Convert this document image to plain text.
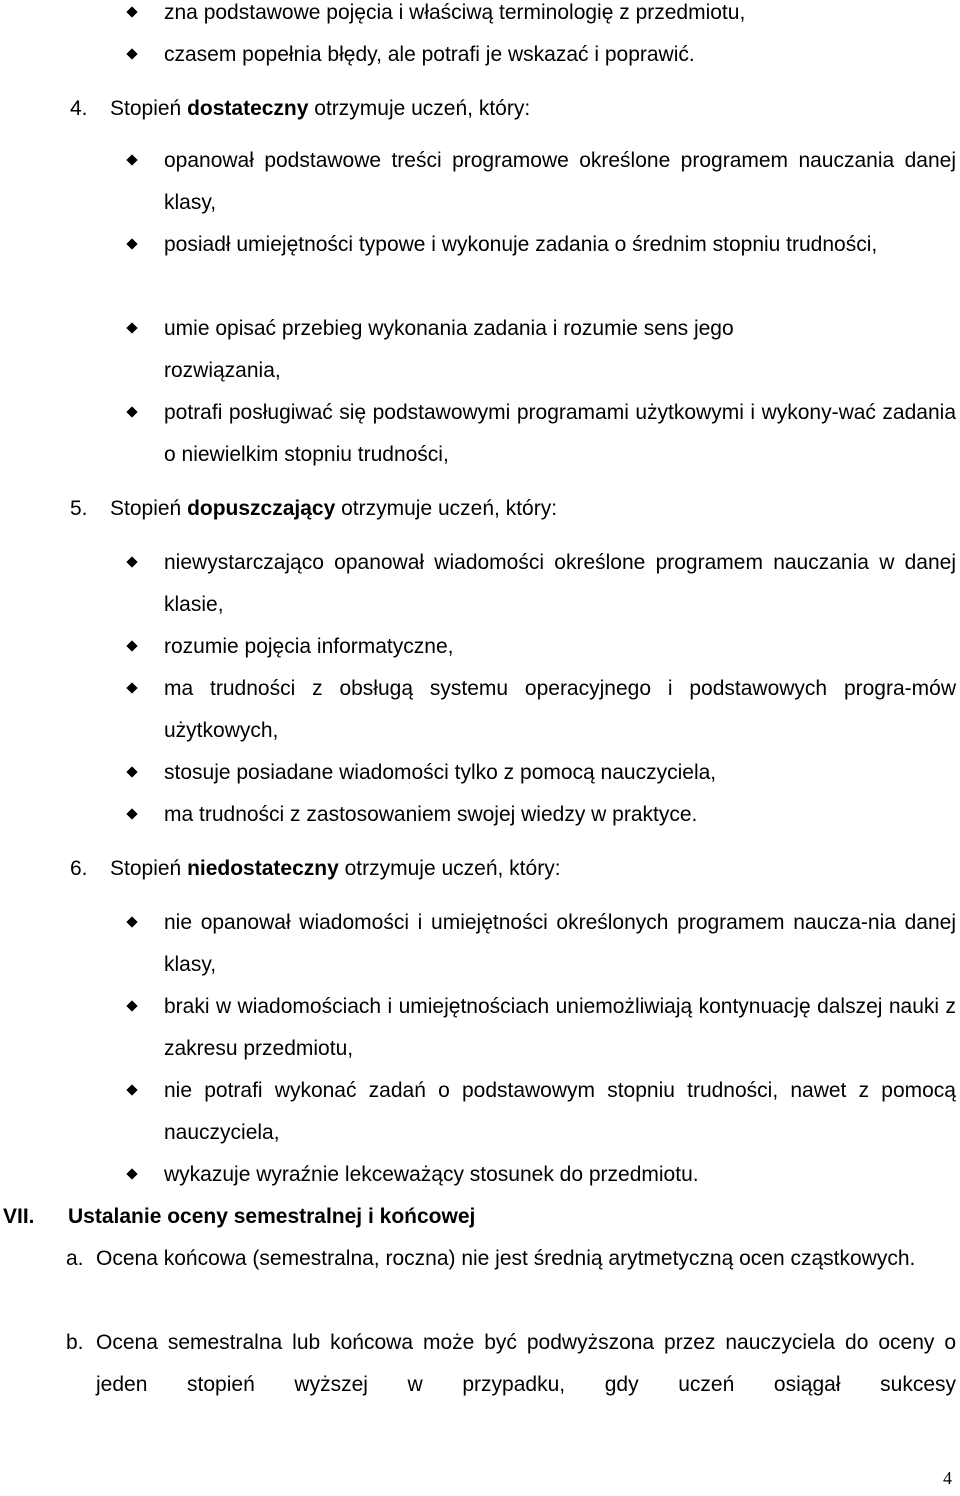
zna podstawowe pojęcia i właściwą terminologię z przedmiotu,

czasem popełnia błędy, ale potrafi je wskazać i poprawić.

4. Stopień dostateczny otrzymuje uczeń, który:

opanował podstawowe treści programowe określone programem nauczania danej klasy,

posiadł umiejętności typowe i wykonuje zadania o średnim stopniu trudności,

umie opisać przebieg wykonania zadania i rozumie sens jego rozwiązania,

potrafi posługiwać się podstawowymi programami użytkowymi i wykony-wać zadania o niewielkim stopniu trudności,

5. Stopień dopuszczający otrzymuje uczeń, który:

niewystarczająco opanował wiadomości określone programem nauczania w danej klasie,

rozumie pojęcia informatyczne,

ma trudności z obsługą systemu operacyjnego i podstawowych progra-mów użytkowych,

stosuje posiadane wiadomości tylko z pomocą nauczyciela,

ma trudności z zastosowaniem swojej wiedzy w praktyce.

6. Stopień niedostateczny otrzymuje uczeń, który:

nie opanował wiadomości i umiejętności określonych programem naucza-nia danej klasy,

braki w wiadomościach i umiejętnościach uniemożliwiają kontynuację dalszej nauki z zakresu przedmiotu,

nie potrafi wykonać zadań o podstawowym stopniu trudności, nawet z pomocą nauczyciela,

wykazuje wyraźnie lekceważący stosunek do przedmiotu.

VII. Ustalanie oceny semestralnej i końcowej

a. Ocena końcowa (semestralna, roczna) nie jest średnią arytmetyczną ocen cząstkowych.

b. Ocena semestralna lub końcowa może być podwyższona przez nauczyciela do oceny o jeden stopień wyższej w przypadku, gdy uczeń osiągał sukcesy

4
